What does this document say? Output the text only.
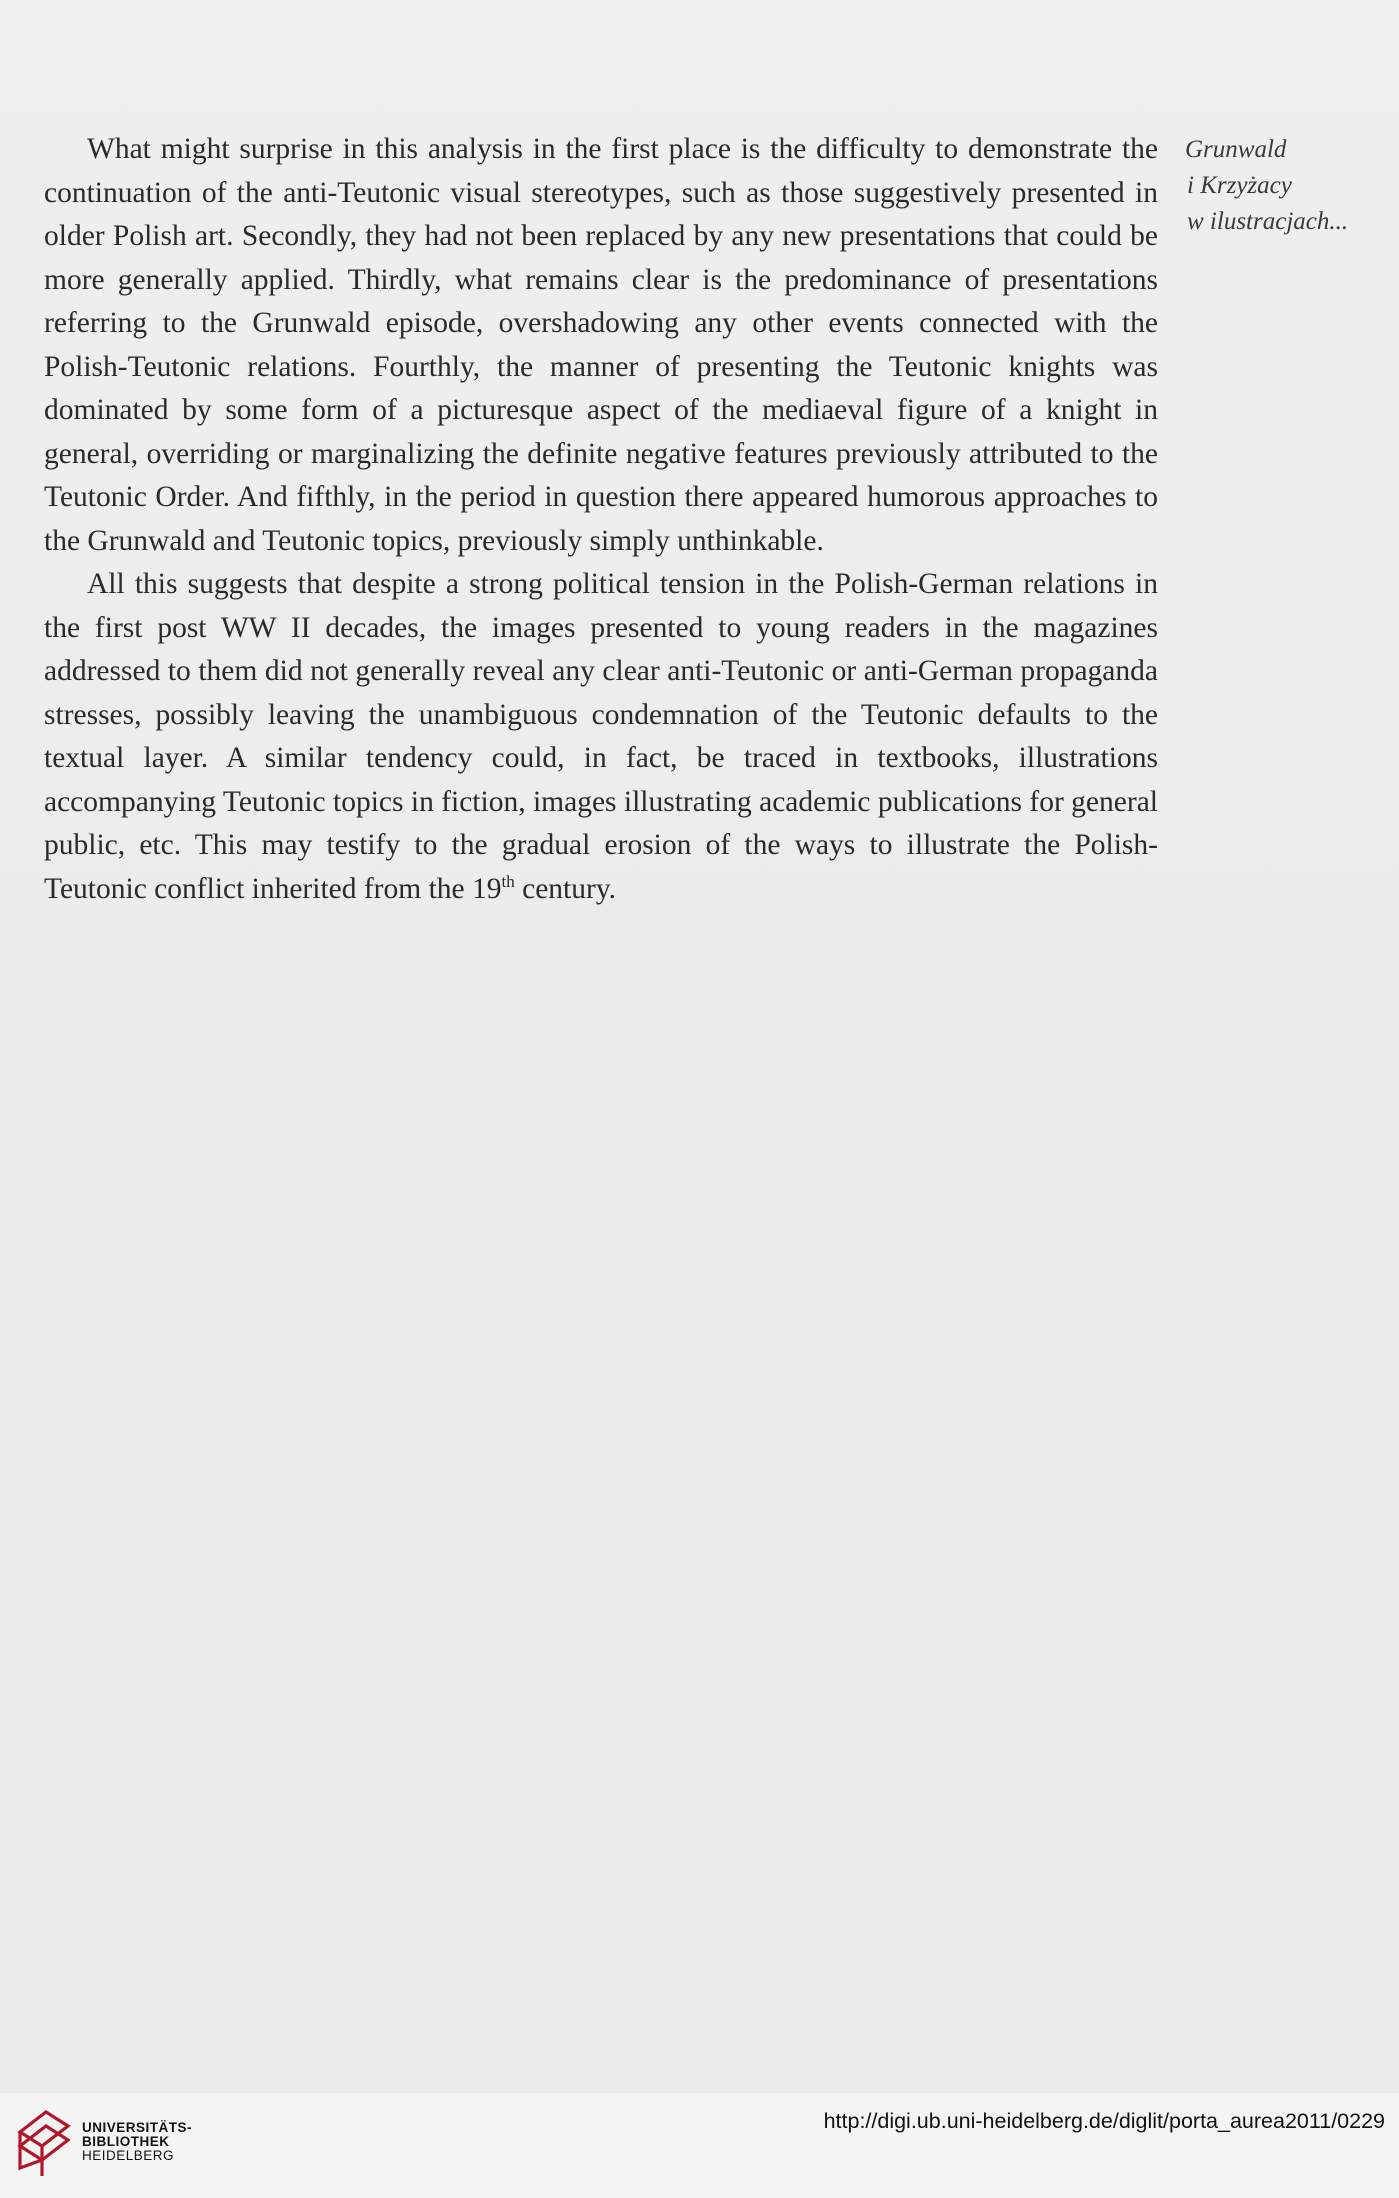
What might surprise in this analysis in the first place is the difficulty to demonstrate the continuation of the anti-Teutonic visual stereotypes, such as those suggestively presented in older Polish art. Secondly, they had not been replaced by any new presentations that could be more generally applied. Thirdly, what remains clear is the predominance of presentations referring to the Grunwald episode, overshadowing any other events connected with the Polish-Teutonic relations. Fourthly, the manner of presenting the Teutonic knights was dominated by some form of a picturesque aspect of the mediaeval figure of a knight in general, overriding or marginalizing the definite negative features previously attributed to the Teutonic Order. And fifthly, in the period in question there appeared humorous approaches to the Grunwald and Teutonic topics, previously simply unthinkable.

All this suggests that despite a strong political tension in the Polish-German relations in the first post WW II decades, the images presented to young readers in the magazines addressed to them did not generally reveal any clear anti-Teutonic or anti-German propaganda stresses, possibly leaving the unambiguous condemnation of the Teutonic defaults to the textual layer. A similar tendency could, in fact, be traced in textbooks, illustrations accompanying Teutonic topics in fiction, images illustrating academic publications for general public, etc. This may testify to the gradual erosion of the ways to illustrate the Polish-Teutonic conflict inherited from the 19th century.

Grunwald
i Krzyżacy
w ilustracjach...
UNIVERSITÄTS-
BIBLIOTHEK
HEIDELBERG
http://digi.ub.uni-heidelberg.de/diglit/porta_aurea2011/0229
